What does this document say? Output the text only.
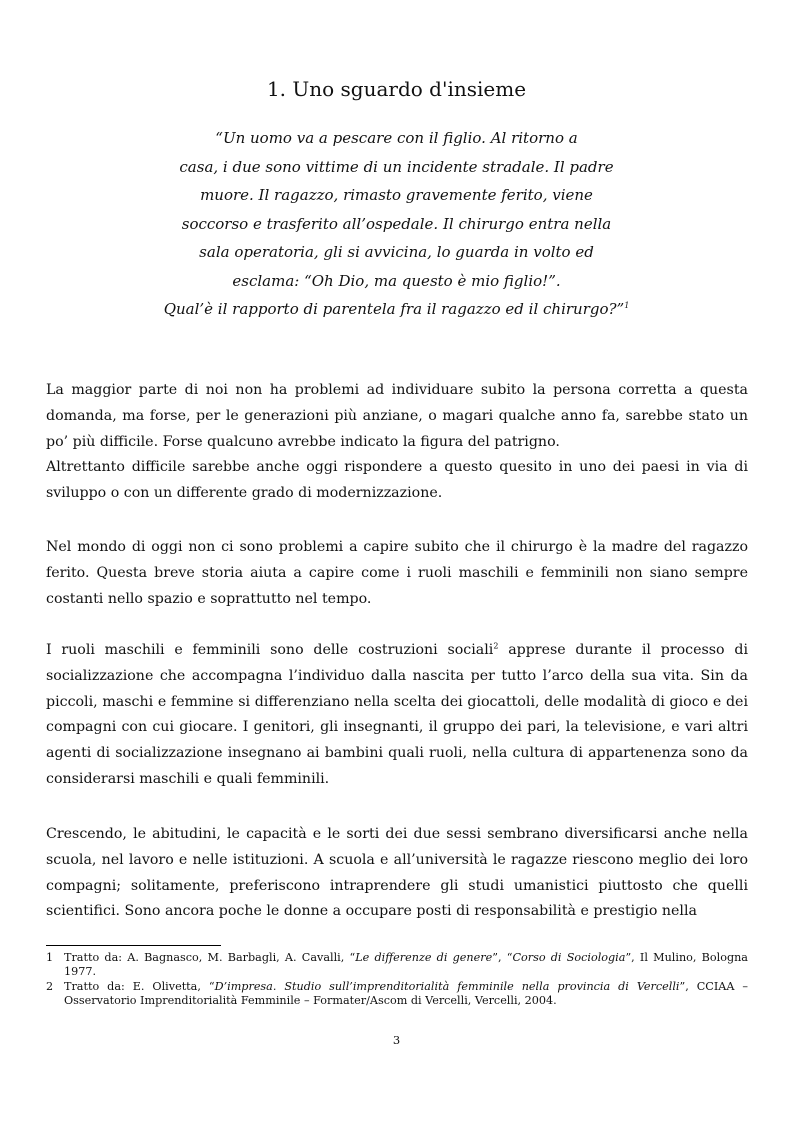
1. Uno sguardo d'insieme

“Un uomo va a pescare con il figlio. Al ritorno a

casa, i due sono vittime di un incidente stradale. Il padre

muore. Il ragazzo, rimasto gravemente ferito, viene

soccorso e trasferito all’ospedale. Il chirurgo entra nella

sala operatoria, gli si avvicina, lo guarda in volto ed

esclama: “Oh Dio, ma questo è mio figlio!”.

Qual’è il rapporto di parentela fra il ragazzo ed il chirurgo?”$^1$

La maggior parte di noi non ha problemi ad individuare subito la persona corretta a questa domanda, ma forse, per le generazioni più anziane, o magari qualche anno fa, sarebbe stato un po’ più difficile. Forse qualcuno avrebbe indicato la figura del patrigno.

Altrettanto difficile sarebbe anche oggi rispondere a questo quesito in uno dei paesi in via di sviluppo o con un differente grado di modernizzazione.

Nel mondo di oggi non ci sono problemi a capire subito che il chirurgo è la madre del ragazzo ferito. Questa breve storia aiuta a capire come i ruoli maschili e femminili non siano sempre costanti nello spazio e soprattutto nel tempo.

I ruoli maschili e femminili sono delle costruzioni sociali$^2$ apprese durante il processo di socializzazione che accompagna l’individuo dalla nascita per tutto l’arco della sua vita. Sin da piccoli, maschi e femmine si differenziano nella scelta dei giocattoli, delle modalità di gioco e dei compagni con cui giocare. I genitori, gli insegnanti, il gruppo dei pari, la televisione, e vari altri agenti di socializzazione insegnano ai bambini quali ruoli, nella cultura di appartenenza sono da considerarsi maschili e quali femminili.

Crescendo, le abitudini, le capacità e le sorti dei due sessi sembrano diversificarsi anche nella scuola, nel lavoro e nelle istituzioni. A scuola e all’università le ragazze riescono meglio dei loro compagni; solitamente, preferiscono intraprendere gli studi umanistici piuttosto che quelli scientifici. Sono ancora poche le donne a occupare posti di responsabilità e prestigio nella

1 Tratto da: A. Bagnasco, M. Barbagli, A. Cavalli, “Le differenze di genere”, “Corso di Sociologia”, Il Mulino, Bologna 1977.
2 Tratto da: E. Olivetta, “D’impresa. Studio sull’imprenditorialità femminile nella provincia di Vercelli”, CCIAA – Osservatorio Imprenditorialità Femminile – Formater/Ascom di Vercelli, Vercelli, 2004.
3
